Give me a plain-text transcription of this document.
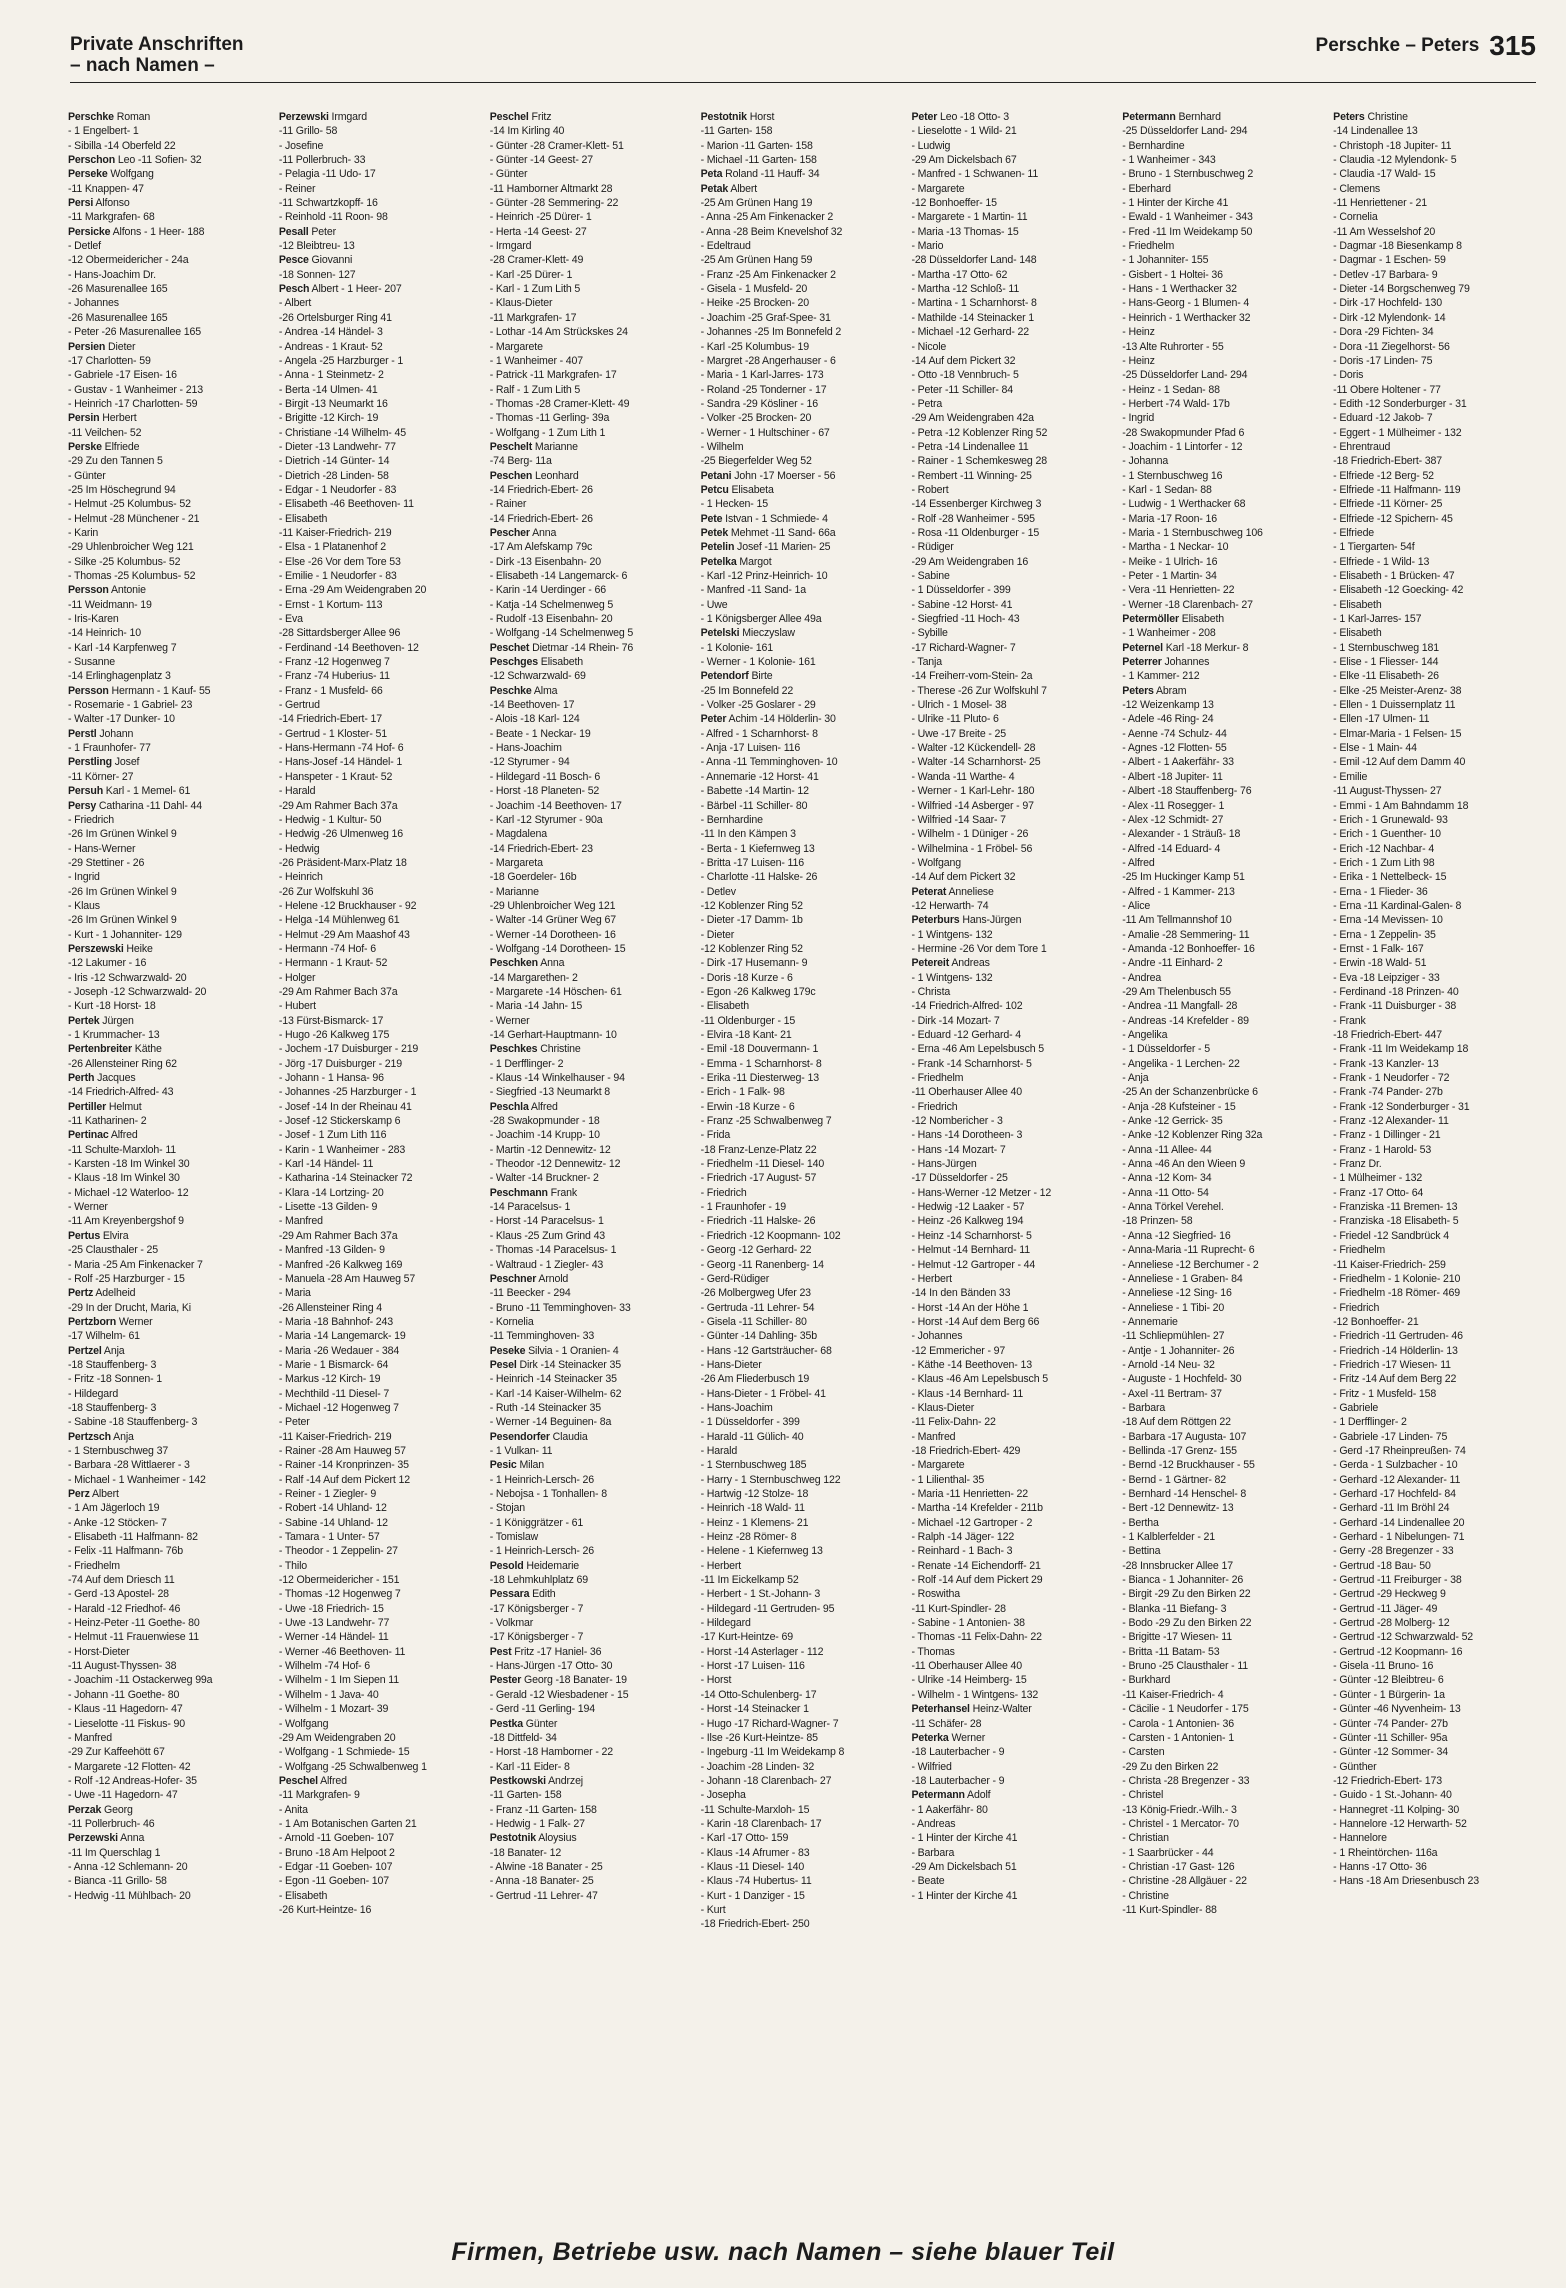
Private Anschriften
– nach Namen –
Perschke – Peters 315
Perschke Roman
- 1 Engelbert- 1
- Sibilla -14 Oberfeld 22
Perschon Leo -11 Sofien- 32
Perseke Wolfgang
-11 Knappen- 47
Persi Alfonso
-11 Markgrafen- 68
Persicke Alfons - 1 Heer- 188
- Detlef
-12 Obermeidericher - 24a
- Hans-Joachim Dr.
-26 Masurenallee 165
- Johannes
-26 Masurenallee 165
- Peter -26 Masurenallee 165
Persien Dieter
-17 Charlotten- 59
- Gabriele -17 Eisen- 16
- Gustav - 1 Wanheimer - 213
- Heinrich -17 Charlotten- 59
Persin Herbert
-11 Veilchen- 52
Perske Elfriede
-29 Zu den Tannen 5
- Günter
-25 Im Höschegrund 94
- Helmut -25 Kolumbus- 52
- Helmut -28 Münchener - 21
- Karin
-29 Uhlenbroicher Weg 121
- Silke -25 Kolumbus- 52
- Thomas -25 Kolumbus- 52
Persson Antonie
-11 Weidmann- 19
- Iris-Karen
-14 Heinrich- 10
- Karl -14 Karpfenweg 7
- Susanne
-14 Erlinghagenplatz 3
Persson Hermann - 1 Kauf- 55
- Rosemarie - 1 Gabriel- 23
- Walter -17 Dunker- 10
Perstl Johann
- 1 Fraunhofer- 77
Perstling Josef
-11 Körner- 27
Persuh Karl - 1 Memel- 61
Persy Catharina -11 Dahl- 44
- Friedrich
-26 Im Grünen Winkel 9
- Hans-Werner
-29 Stettiner - 26
- Ingrid
-26 Im Grünen Winkel 9
- Klaus
-26 Im Grünen Winkel 9
- Kurt - 1 Johanniter- 129
Perszewski Heike
-12 Lakumer - 16
- Iris -12 Schwarzwald- 20
- Joseph -12 Schwarzwald- 20
- Kurt -18 Horst- 18
Pertek Jürgen
- 1 Krummacher- 13
Pertenbreiter Käthe
-26 Allensteiner Ring 62
Perth Jacques
-14 Friedrich-Alfred- 43
Pertiller Helmut
-11 Katharinen- 2
Pertinac Alfred
-11 Schulte-Marxloh- 11
- Karsten -18 Im Winkel 30
- Klaus -18 Im Winkel 30
- Michael -12 Waterloo- 12
- Werner
-11 Am Kreyenbergshof 9
Pertus Elvira
-25 Clausthaler - 25
- Maria -25 Am Finkenacker 7
- Rolf -25 Harzburger - 15
Pertz Adelheid
-29 In der Drucht, Maria, Ki
Pertzborn Werner
-17 Wilhelm- 61
Pertzel Anja
-18 Stauffenberg- 3
- Fritz -18 Sonnen- 1
- Hildegard
-18 Stauffenberg- 3
- Sabine -18 Stauffenberg- 3
Pertzsch Anja
- 1 Sternbuschweg 37
- Barbara -28 Wittlaerer - 3
- Michael - 1 Wanheimer - 142
Perz Albert
- 1 Am Jägerloch 19
- Anke -12 Stöcken- 7
- Elisabeth -11 Halfmann- 82
- Felix -11 Halfmann- 76b
- Friedhelm
-74 Auf dem Driesch 11
- Gerd -13 Apostel- 28
- Harald -12 Friedhof- 46
- Heinz-Peter -11 Goethe- 80
- Helmut -11 Frauenwiese 11
- Horst-Dieter
-11 August-Thyssen- 38
- Joachim -11 Ostackerweg 99a
- Johann -11 Goethe- 80
- Klaus -11 Hagedorn- 47
- Lieselotte -11 Fiskus- 90
- Manfred
-29 Zur Kaffeehött 67
- Margarete -12 Flotten- 42
- Rolf -12 Andreas-Hofer- 35
- Uwe -11 Hagedorn- 47
Perzak Georg
-11 Pollerbruch- 46
Perzewski Anna
-11 Im Querschlag 1
- Anna -12 Schlemann- 20
- Bianca -11 Grillo- 58
- Hedwig -11 Mühlbach- 20
Perzewski Irmgard
-11 Grillo- 58
- Josefine
-11 Pollerbruch- 33
- Pelagia -11 Udo- 17
- Reiner
-11 Schwartzkopff- 16
- Reinhold -11 Roon- 98
Pesall Peter
-12 Bleibtreu- 13
Pesce Giovanni
-18 Sonnen- 127
Pesch Albert - 1 Heer- 207
- Albert
-26 Ortelsburger Ring 41
- Andrea -14 Händel- 3
- Andreas - 1 Kraut- 52
- Angela -25 Harzburger - 1
- Anna - 1 Steinmetz- 2
- Berta -14 Ulmen- 41
- Birgit -13 Neumarkt 16
- Brigitte -12 Kirch- 19
- Christiane -14 Wilhelm- 45
- Dieter -13 Landwehr- 77
- Dietrich -14 Günter- 14
- Dietrich -28 Linden- 58
- Edgar - 1 Neudorfer - 83
- Elisabeth -46 Beethoven- 11
- Elisabeth
-11 Kaiser-Friedrich- 219
- Elsa - 1 Platanenhof 2
- Else -26 Vor dem Tore 53
- Emilie - 1 Neudorfer - 83
- Erna -29 Am Weidengraben 20
- Ernst - 1 Kortum- 113
- Eva
-28 Sittardsberger Allee 96
- Ferdinand -14 Beethoven- 12
- Franz -12 Hogenweg 7
- Franz -74 Huberius- 11
- Franz - 1 Musfeld- 66
- Gertrud
-14 Friedrich-Ebert- 17
- Gertrud - 1 Kloster- 51
- Hans-Hermann -74 Hof- 6
- Hans-Josef -14 Händel- 1
- Hanspeter - 1 Kraut- 52
- Harald
-29 Am Rahmer Bach 37a
- Hedwig - 1 Kultur- 50
- Hedwig -26 Ulmenweg 16
- Hedwig
-26 Präsident-Marx-Platz 18
- Heinrich
-26 Zur Wolfskuhl 36
- Helene -12 Bruckhauser - 92
- Helga -14 Mühlenweg 61
- Helmut -29 Am Maashof 43
- Hermann -74 Hof- 6
- Hermann - 1 Kraut- 52
- Holger
-29 Am Rahmer Bach 37a
- Hubert
-13 Fürst-Bismarck- 17
- Hugo -26 Kalkweg 175
- Jochem -17 Duisburger - 219
- Jörg -17 Duisburger - 219
- Johann - 1 Hansa- 96
- Johannes -25 Harzburger - 1
- Josef -14 In der Rheinau 41
- Josef -12 Stickerskamp 6
- Josef - 1 Zum Lith 116
- Karin - 1 Wanheimer - 283
- Karl -14 Händel- 11
- Katharina -14 Steinacker 72
- Klara -14 Lortzing- 20
- Lisette -13 Gilden- 9
- Manfred
-29 Am Rahmer Bach 37a
- Manfred -13 Gilden- 9
- Manfred -26 Kalkweg 169
- Manuela -28 Am Hauweg 57
- Maria
-26 Allensteiner Ring 4
- Maria -18 Bahnhof- 243
- Maria -14 Langemarck- 19
- Maria -26 Wedauer - 384
- Marie - 1 Bismarck- 64
- Markus -12 Kirch- 19
- Mechthild -11 Diesel- 7
- Michael -12 Hogenweg 7
- Peter
-11 Kaiser-Friedrich- 219
- Rainer -28 Am Hauweg 57
- Rainer -14 Kronprinzen- 35
- Ralf -14 Auf dem Pickert 12
- Reiner - 1 Ziegler- 9
- Robert -14 Uhland- 12
- Sabine -14 Uhland- 12
- Tamara - 1 Unter- 57
- Theodor - 1 Zeppelin- 27
- Thilo
-12 Obermeidericher - 151
- Thomas -12 Hogenweg 7
- Uwe -18 Friedrich- 15
- Uwe -13 Landwehr- 77
- Werner -14 Händel- 11
- Werner -46 Beethoven- 11
- Wilhelm -74 Hof- 6
- Wilhelm - 1 Im Siepen 11
- Wilhelm - 1 Java- 40
- Wilhelm - 1 Mozart- 39
- Wolfgang
-29 Am Weidengraben 20
- Wolfgang - 1 Schmiede- 15
- Wolfgang -25 Schwalbenweg 1
Peschel Alfred
-11 Markgrafen- 9
- Anita
- 1 Am Botanischen Garten 21
- Arnold -11 Goeben- 107
- Bruno -18 Am Helpoot 2
- Edgar -11 Goeben- 107
- Egon -11 Goeben- 107
- Elisabeth
-26 Kurt-Heintze- 16
Peschel Fritz
-14 Im Kirling 40
- Günter -28 Cramer-Klett- 51
- Günter -14 Geest- 27
- Günter
-11 Hamborner Altmarkt 28
- Günter -28 Semmering- 22
- Heinrich -25 Dürer- 1
- Herta -14 Geest- 27
- Irmgard
-28 Cramer-Klett- 49
- Karl -25 Dürer- 1
- Karl - 1 Zum Lith 5
- Klaus-Dieter
-11 Markgrafen- 17
- Lothar -14 Am Strückskes 24
- Margarete
- 1 Wanheimer - 407
- Patrick -11 Markgrafen- 17
- Ralf - 1 Zum Lith 5
- Thomas -28 Cramer-Klett- 49
- Thomas -11 Gerling- 39a
- Wolfgang - 1 Zum Lith 1
Peschelt Marianne
-74 Berg- 11a
Peschen Leonhard
-14 Friedrich-Ebert- 26
- Rainer
-14 Friedrich-Ebert- 26
Pescher Anna
-17 Am Alefskamp 79c
- Dirk -13 Eisenbahn- 20
- Elisabeth -14 Langemarck- 6
- Karin -14 Uerdinger - 66
- Katja -14 Schelmenweg 5
- Rudolf -13 Eisenbahn- 20
- Wolfgang -14 Schelmenweg 5
Peschet Dietmar -14 Rhein- 76
Peschges Elisabeth
-12 Schwarzwald- 69
Peschke Alma
-14 Beethoven- 17
- Alois -18 Karl- 124
- Beate - 1 Neckar- 19
- Hans-Joachim
-12 Styrumer - 94
- Hildegard -11 Bosch- 6
- Horst -18 Planeten- 52
- Joachim -14 Beethoven- 17
- Karl -12 Styrumer - 90a
- Magdalena
-14 Friedrich-Ebert- 23
- Margareta
-18 Goerdeler- 16b
- Marianne
-29 Uhlenbroicher Weg 121
- Walter -14 Grüner Weg 67
- Werner -14 Dorotheen- 16
- Wolfgang -14 Dorotheen- 15
Peschken Anna
-14 Margarethen- 2
- Margarete -14 Höschen- 61
- Maria -14 Jahn- 15
- Werner
-14 Gerhart-Hauptmann- 10
Peschkes Christine
- 1 Derfflinger- 2
- Klaus -14 Winkelhauser - 94
- Siegfried -13 Neumarkt 8
Peschla Alfred
-28 Swakopmunder - 18
- Joachim -14 Krupp- 10
- Martin -12 Dennewitz- 12
- Theodor -12 Dennewitz- 12
- Walter -14 Bruckner- 2
Peschmann Frank
-14 Paracelsus- 1
- Horst -14 Paracelsus- 1
- Klaus -25 Zum Grind 43
- Thomas -14 Paracelsus- 1
- Waltraud - 1 Ziegler- 43
Peschner Arnold
-11 Beecker - 294
- Bruno -11 Temminghoven- 33
- Kornelia
-11 Temminghoven- 33
Peseke Silvia - 1 Oranien- 4
Pesel Dirk -14 Steinacker 35
- Heinrich -14 Steinacker 35
- Karl -14 Kaiser-Wilhelm- 62
- Ruth -14 Steinacker 35
- Werner -14 Beguinen- 8a
Pesendorfer Claudia
- 1 Vulkan- 11
Pesic Milan
- 1 Heinrich-Lersch- 26
- Nebojsa - 1 Tonhallen- 8
- Stojan
- 1 Königgrätzer - 61
- Tomislaw
- 1 Heinrich-Lersch- 26
Pesold Heidemarie
-18 Lehmkuhlplatz 69
Pessara Edith
-17 Königsberger - 7
- Volkmar
-17 Königsberger - 7
Pest Fritz -17 Haniel- 36
- Hans-Jürgen -17 Otto- 30
Pester Georg -18 Banater- 19
- Gerald -12 Wiesbadener - 15
- Gerd -11 Gerling- 194
Pestka Günter
-18 Dittfeld- 34
- Horst -18 Hamborner - 22
- Karl -11 Eider- 8
Pestkowski Andrzej
-11 Garten- 158
- Franz -11 Garten- 158
- Hedwig - 1 Falk- 27
Pestotnik Aloysius
-18 Banater- 12
- Alwine -18 Banater - 25
- Anna -18 Banater- 25
- Gertrud -11 Lehrer- 47
Pestotnik Horst
-11 Garten- 158
- Marion -11 Garten- 158
- Michael -11 Garten- 158
Peta Roland -11 Hauff- 34
Petak Albert
-25 Am Grünen Hang 19
- Anna -25 Am Finkenacker 2
- Anna -28 Beim Knevelshof 32
- Edeltraud
-25 Am Grünen Hang 59
- Franz -25 Am Finkenacker 2
- Gisela - 1 Musfeld- 20
- Heike -25 Brocken- 20
- Joachim -25 Graf-Spee- 31
- Johannes -25 Im Bonnefeld 2
- Karl -25 Kolumbus- 19
- Margret -28 Angerhauser - 6
- Maria - 1 Karl-Jarres- 173
- Roland -25 Tonderner - 17
- Sandra -29 Kösliner - 16
- Volker -25 Brocken- 20
- Werner - 1 Hultschiner - 67
- Wilhelm
-25 Biegerfelder Weg 52
Petani John -17 Moerser - 56
Petcu Elisabeta
- 1 Hecken- 15
Pete Istvan - 1 Schmiede- 4
Petek Mehmet -11 Sand- 66a
Petelin Josef -11 Marien- 25
Petelka Margot
- Karl -12 Prinz-Heinrich- 10
- Manfred -11 Sand- 1a
- Uwe
- 1 Königsberger Allee 49a
Petelski Mieczyslaw
- 1 Kolonie- 161
- Werner - 1 Kolonie- 161
Petendorf Birte
-25 Im Bonnefeld 22
- Volker -25 Goslarer - 29
Peter Achim -14 Hölderlin- 30
- Alfred - 1 Scharnhorst- 8
- Anja -17 Luisen- 116
- Anna -11 Temminghoven- 10
- Annemarie -12 Horst- 41
- Babette -14 Martin- 12
- Bärbel -11 Schiller- 80
- Bernhardine
-11 In den Kämpen 3
- Berta - 1 Kiefernweg 13
- Britta -17 Luisen- 116
- Charlotte -11 Halske- 26
- Detlev
-12 Koblenzer Ring 52
- Dieter -17 Damm- 1b
- Dieter
-12 Koblenzer Ring 52
- Dirk -17 Husemann- 9
- Doris -18 Kurze - 6
- Egon -26 Kalkweg 179c
- Elisabeth
-11 Oldenburger - 15
- Elvira -18 Kant- 21
- Emil -18 Douvermann- 1
- Emma - 1 Scharnhorst- 8
- Erika -11 Diesterweg- 13
- Erich - 1 Falk- 98
- Erwin -18 Kurze - 6
- Franz -25 Schwalbenweg 7
- Frida
-18 Franz-Lenze-Platz 22
- Friedhelm -11 Diesel- 140
- Friedrich -17 August- 57
- Friedrich
- 1 Fraunhofer - 19
- Friedrich -11 Halske- 26
- Friedrich -12 Koopmann- 102
- Georg -12 Gerhard- 22
- Georg -11 Ranenberg- 14
- Gerd-Rüdiger
-26 Molbergweg Ufer 23
- Gertruda -11 Lehrer- 54
- Gisela -11 Schiller- 80
- Günter -14 Dahling- 35b
- Hans -12 Gartsträucher- 68
- Hans-Dieter
-26 Am Fliederbusch 19
- Hans-Dieter - 1 Fröbel- 41
- Hans-Joachim
- 1 Düsseldorfer - 399
- Harald -11 Gülich- 40
- Harald
- 1 Sternbuschweg 185
- Harry - 1 Sternbuschweg 122
- Hartwig -12 Stolze- 18
- Heinrich -18 Wald- 11
- Heinz - 1 Klemens- 21
- Heinz -28 Römer- 8
- Helene - 1 Kiefernweg 13
- Herbert
-11 Im Eickelkamp 52
- Herbert - 1 St.-Johann- 3
- Hildegard -11 Gertruden- 95
- Hildegard
-17 Kurt-Heintze- 69
- Horst -14 Asterlager - 112
- Horst -17 Luisen- 116
- Horst
-14 Otto-Schulenberg- 17
- Horst -14 Steinacker 1
- Hugo -17 Richard-Wagner- 7
- Ilse -26 Kurt-Heintze- 85
- Ingeburg -11 Im Weidekamp 8
- Joachim -28 Linden- 32
- Johann -18 Clarenbach- 27
- Josepha
-11 Schulte-Marxloh- 15
- Karin -18 Clarenbach- 17
- Karl -17 Otto- 159
- Klaus -14 Afrumer - 83
- Klaus -11 Diesel- 140
- Klaus -74 Hubertus- 11
- Kurt - 1 Danziger - 15
- Kurt
-18 Friedrich-Ebert- 250
Peter Leo -18 Otto- 3
- Lieselotte - 1 Wild- 21
- Ludwig
-29 Am Dickelsbach 67
- Manfred - 1 Schwanen- 11
- Margarete
-12 Bonhoeffer- 15
- Margarete - 1 Martin- 11
- Maria -13 Thomas- 15
- Mario
-28 Düsseldorfer Land- 148
- Martha -17 Otto- 62
- Martha -12 Schloß- 11
- Martina - 1 Scharnhorst- 8
- Mathilde -14 Steinacker 1
- Michael -12 Gerhard- 22
- Nicole
-14 Auf dem Pickert 32
- Otto -18 Vennbruch- 5
- Peter -11 Schiller- 84
- Petra
-29 Am Weidengraben 42a
- Petra -12 Koblenzer Ring 52
- Petra -14 Lindenallee 11
- Rainer - 1 Schemkesweg 28
- Rembert -11 Winning- 25
- Robert
-14 Essenberger Kirchweg 3
- Rolf -28 Wanheimer - 595
- Rosa -11 Oldenburger - 15
- Rüdiger
-29 Am Weidengraben 16
- Sabine
- 1 Düsseldorfer - 399
- Sabine -12 Horst- 41
- Siegfried -11 Hoch- 43
- Sybille
-17 Richard-Wagner- 7
- Tanja
-14 Freiherr-vom-Stein- 2a
- Therese -26 Zur Wolfskuhl 7
- Ulrich - 1 Mosel- 38
- Ulrike -11 Pluto- 6
- Uwe -17 Breite - 25
- Walter -12 Kückendell- 28
- Walter -14 Scharnhorst- 25
- Wanda -11 Warthe- 4
- Werner - 1 Karl-Lehr- 180
- Wilfried -14 Asberger - 97
- Wilfried -14 Saar- 7
- Wilhelm - 1 Düniger - 26
- Wilhelmina - 1 Fröbel- 56
- Wolfgang
-14 Auf dem Pickert 32
Peterat Anneliese
-12 Herwarth- 74
Peterburs Hans-Jürgen
- 1 Wintgens- 132
- Hermine -26 Vor dem Tore 1
Petereit Andreas
- 1 Wintgens- 132
- Christa
-14 Friedrich-Alfred- 102
- Dirk -14 Mozart- 7
- Eduard -12 Gerhard- 4
- Erna -46 Am Lepelsbusch 5
- Frank -14 Scharnhorst- 5
- Friedhelm
-11 Oberhauser Allee 40
- Friedrich
-12 Nombericher - 3
- Hans -14 Dorotheen- 3
- Hans -14 Mozart- 7
- Hans-Jürgen
-17 Düsseldorfer - 25
- Hans-Werner -12 Metzer - 12
- Hedwig -12 Laaker - 57
- Heinz -26 Kalkweg 194
- Heinz -14 Scharnhorst- 5
- Helmut -14 Bernhard- 11
- Helmut -12 Gartroper - 44
- Herbert
-14 In den Bänden 33
- Horst -14 An der Höhe 1
- Horst -14 Auf dem Berg 66
- Johannes
-12 Emmericher - 97
- Käthe -14 Beethoven- 13
- Klaus -46 Am Lepelsbusch 5
- Klaus -14 Bernhard- 11
- Klaus-Dieter
-11 Felix-Dahn- 22
- Manfred
-18 Friedrich-Ebert- 429
- Margarete
- 1 Lilienthal- 35
- Maria -11 Henrietten- 22
- Martha -14 Krefelder - 211b
- Michael -12 Gartroper - 2
- Ralph -14 Jäger- 122
- Reinhard - 1 Bach- 3
- Renate -14 Eichendorff- 21
- Rolf -14 Auf dem Pickert 29
- Roswitha
-11 Kurt-Spindler- 28
- Sabine - 1 Antonien- 38
- Thomas -11 Felix-Dahn- 22
- Thomas
-11 Oberhauser Allee 40
- Ulrike -14 Heimberg- 15
- Wilhelm - 1 Wintgens- 132
Peterhansel Heinz-Walter
-11 Schäfer- 28
Peterka Werner
-18 Lauterbacher - 9
- Wilfried
-18 Lauterbacher - 9
Petermann Adolf
- 1 Aakerfähr- 80
- Andreas
- 1 Hinter der Kirche 41
- Barbara
-29 Am Dickelsbach 51
- Beate
- 1 Hinter der Kirche 41
Petermann Bernhard
-25 Düsseldorfer Land- 294
- Bernhardine
- 1 Wanheimer - 343
- Bruno - 1 Sternbuschweg 2
- Eberhard
- 1 Hinter der Kirche 41
- Ewald - 1 Wanheimer - 343
- Fred -11 Im Weidekamp 50
- Friedhelm
- 1 Johanniter- 155
- Gisbert - 1 Holtei- 36
- Hans - 1 Werthacker 32
- Hans-Georg - 1 Blumen- 4
- Heinrich - 1 Werthacker 32
- Heinz
-13 Alte Ruhrorter - 55
- Heinz
-25 Düsseldorfer Land- 294
- Heinz - 1 Sedan- 88
- Herbert -74 Wald- 17b
- Ingrid
-28 Swakopmunder Pfad 6
- Joachim - 1 Lintorfer - 12
- Johanna
- 1 Sternbuschweg 16
- Karl - 1 Sedan- 88
- Ludwig - 1 Werthacker 68
- Maria -17 Roon- 16
- Maria - 1 Sternbuschweg 106
- Martha - 1 Neckar- 10
- Meike - 1 Ulrich- 16
- Peter - 1 Martin- 34
- Vera -11 Henrietten- 22
- Werner -18 Clarenbach- 27
Petermöller Elisabeth
- 1 Wanheimer - 208
Peternel Karl -18 Merkur- 8
Peterrer Johannes
- 1 Kammer- 212
Peters Abram
-12 Weizenkamp 13
- Adele -46 Ring- 24
- Aenne -74 Schulz- 44
- Agnes -12 Flotten- 55
- Albert - 1 Aakerfähr- 33
- Albert -18 Jupiter- 11
- Albert -18 Stauffenberg- 76
- Alex -11 Rosegger- 1
- Alex -12 Schmidt- 27
- Alexander - 1 Sträuß- 18
- Alfred -14 Eduard- 4
- Alfred
-25 Im Huckinger Kamp 51
- Alfred - 1 Kammer- 213
- Alice
-11 Am Tellmannshof 10
- Amalie -28 Semmering- 11
- Amanda -12 Bonhoeffer- 16
- Andre -11 Einhard- 2
- Andrea
-29 Am Thelenbusch 55
- Andrea -11 Mangfall- 28
- Andreas -14 Krefelder - 89
- Angelika
- 1 Düsseldorfer - 5
- Angelika - 1 Lerchen- 22
- Anja
-25 An der Schanzenbrücke 6
- Anja -28 Kufsteiner - 15
- Anke -12 Gerrick- 35
- Anke -12 Koblenzer Ring 32a
- Anna -11 Allee- 44
- Anna -46 An den Wieen 9
- Anna -12 Kom- 34
- Anna -11 Otto- 54
- Anna Törkel Verehel.
-18 Prinzen- 58
- Anna -12 Siegfried- 16
- Anna-Maria -11 Ruprecht- 6
- Anneliese -12 Berchumer - 2
- Anneliese - 1 Graben- 84
- Anneliese -12 Sing- 16
- Anneliese - 1 Tibi- 20
- Annemarie
-11 Schliepmühlen- 27
- Antje - 1 Johanniter- 26
- Arnold -14 Neu- 32
- Auguste - 1 Hochfeld- 30
- Axel -11 Bertram- 37
- Barbara
-18 Auf dem Röttgen 22
- Barbara -17 Augusta- 107
- Bellinda -17 Grenz- 155
- Bernd -12 Bruckhauser - 55
- Bernd - 1 Gärtner- 82
- Bernhard -14 Henschel- 8
- Bert -12 Dennewitz- 13
- Bertha
- 1 Kalblerfelder - 21
- Bettina
-28 Innsbrucker Allee 17
- Bianca - 1 Johanniter- 26
- Birgit -29 Zu den Birken 22
- Blanka -11 Biefang- 3
- Bodo -29 Zu den Birken 22
- Brigitte -17 Wiesen- 11
- Britta -11 Batam- 53
- Bruno -25 Clausthaler - 11
- Burkhard
-11 Kaiser-Friedrich- 4
- Cäcilie - 1 Neudorfer - 175
- Carola - 1 Antonien- 36
- Carsten - 1 Antonien- 1
- Carsten
-29 Zu den Birken 22
- Christa -28 Bregenzer - 33
- Christel
-13 König-Friedr.-Wilh.- 3
- Christel - 1 Mercator- 70
- Christian
- 1 Saarbrücker - 44
- Christian -17 Gast- 126
- Christine -28 Allgäuer - 22
- Christine
-11 Kurt-Spindler- 88
Peters Christine
-14 Lindenallee 13
- Christoph -18 Jupiter- 11
- Claudia -12 Mylendonk- 5
- Claudia -17 Wald- 15
- Clemens
-11 Henriettener - 21
- Cornelia
-11 Am Wesselshof 20
- Dagmar -18 Biesenkamp 8
- Dagmar - 1 Eschen- 59
- Detlev -17 Barbara- 9
- Dieter -14 Borgschenweg 79
- Dirk -17 Hochfeld- 130
- Dirk -12 Mylendonk- 14
- Dora -29 Fichten- 34
- Dora -11 Ziegelhorst- 56
- Doris -17 Linden- 75
- Doris
-11 Obere Holtener - 77
- Edith -12 Sonderburger - 31
- Eduard -12 Jakob- 7
- Eggert - 1 Mülheimer - 132
- Ehrentraud
-18 Friedrich-Ebert- 387
- Elfriede -12 Berg- 52
- Elfriede -11 Halfmann- 119
- Elfriede -11 Körner- 25
- Elfriede -12 Spichern- 45
- Elfriede
- 1 Tiergarten- 54f
- Elfriede - 1 Wild- 13
- Elisabeth - 1 Brücken- 47
- Elisabeth -12 Goecking- 42
- Elisabeth
- 1 Karl-Jarres- 157
- Elisabeth
- 1 Sternbuschweg 181
- Elise - 1 Fliesser- 144
- Elke -11 Elisabeth- 26
- Elke -25 Meister-Arenz- 38
- Ellen - 1 Duissernplatz 11
- Ellen -17 Ulmen- 11
- Elmar-Maria - 1 Felsen- 15
- Else - 1 Main- 44
- Emil -12 Auf dem Damm 40
- Emilie
-11 August-Thyssen- 27
- Emmi - 1 Am Bahndamm 18
- Erich - 1 Grunewald- 93
- Erich - 1 Guenther- 10
- Erich -12 Nachbar- 4
- Erich - 1 Zum Lith 98
- Erika - 1 Nettelbeck- 15
- Erna - 1 Flieder- 36
- Erna -11 Kardinal-Galen- 8
- Erna -14 Mevissen- 10
- Erna - 1 Zeppelin- 35
- Ernst - 1 Falk- 167
- Erwin -18 Wald- 51
- Eva -18 Leipziger - 33
- Ferdinand -18 Prinzen- 40
- Frank -11 Duisburger - 38
- Frank
-18 Friedrich-Ebert- 447
- Frank -11 Im Weidekamp 18
- Frank -13 Kanzler- 13
- Frank - 1 Neudorfer - 72
- Frank -74 Pander- 27b
- Frank -12 Sonderburger - 31
- Franz -12 Alexander- 11
- Franz - 1 Dillinger - 21
- Franz - 1 Harold- 53
- Franz Dr.
- 1 Mülheimer - 132
- Franz -17 Otto- 64
- Franziska -11 Bremen- 13
- Franziska -18 Elisabeth- 5
- Friedel -12 Sandbrück 4
- Friedhelm
-11 Kaiser-Friedrich- 259
- Friedhelm - 1 Kolonie- 210
- Friedhelm -18 Römer- 469
- Friedrich
-12 Bonhoeffer- 21
- Friedrich -11 Gertruden- 46
- Friedrich -14 Hölderlin- 13
- Friedrich -17 Wiesen- 11
- Fritz -14 Auf dem Berg 22
- Fritz - 1 Musfeld- 158
- Gabriele
- 1 Derfflinger- 2
- Gabriele -17 Linden- 75
- Gerd -17 Rheinpreußen- 74
- Gerda - 1 Sulzbacher - 10
- Gerhard -12 Alexander- 11
- Gerhard -17 Hochfeld- 84
- Gerhard -11 Im Bröhl 24
- Gerhard -14 Lindenallee 20
- Gerhard - 1 Nibelungen- 71
- Gerry -28 Bregenzer - 33
- Gertrud -18 Bau- 50
- Gertrud -11 Freiburger - 38
- Gertrud -29 Heckweg 9
- Gertrud -11 Jäger- 49
- Gertrud -28 Molberg- 12
- Gertrud -12 Schwarzwald- 52
- Gertrud -12 Koopmann- 16
- Gisela -11 Bruno- 16
- Günter -12 Bleibtreu- 6
- Günter - 1 Bürgerin- 1a
- Günter -46 Nyvenheim- 13
- Günter -74 Pander- 27b
- Günter -11 Schiller- 95a
- Günter -12 Sommer- 34
- Günther
-12 Friedrich-Ebert- 173
- Guido - 1 St.-Johann- 40
- Hannegret -11 Kolping- 30
- Hannelore -12 Herwarth- 52
- Hannelore
- 1 Rheintörchen- 116a
- Hanns -17 Otto- 36
- Hans -18 Am Driesenbusch 23
Firmen, Betriebe usw. nach Namen – siehe blauer Teil
